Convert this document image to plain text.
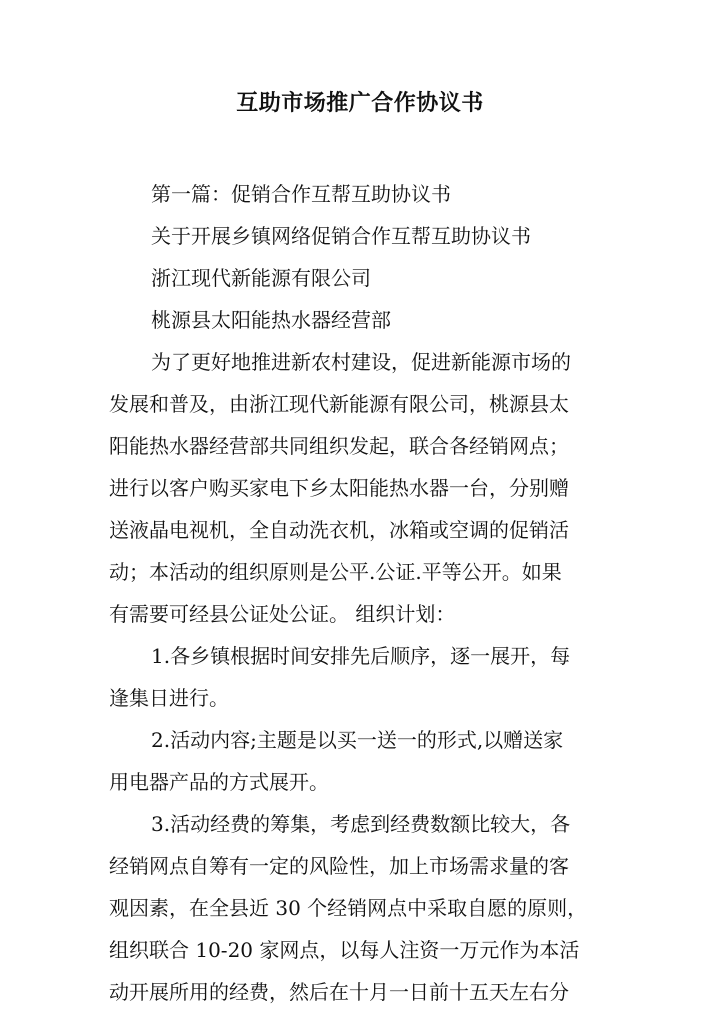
互助市场推广合作协议书
第一篇：促销合作互帮互助协议书
关于开展乡镇网络促销合作互帮互助协议书
浙江现代新能源有限公司
桃源县太阳能热水器经营部
为了更好地推进新农村建设，促进新能源市场的
发展和普及，由浙江现代新能源有限公司，桃源县太
阳能热水器经营部共同组织发起，联合各经销网点；
进行以客户购买家电下乡太阳能热水器一台，分别赠
送液晶电视机，全自动洗衣机，冰箱或空调的促销活
动；本活动的组织原则是公平.公证.平等公开。如果
有需要可经县公证处公证。 组织计划：
1.各乡镇根据时间安排先后顺序，逐一展开，每
逢集日进行。
2.活动内容;主题是以买一送一的形式,以赠送家
用电器产品的方式展开。
3.活动经费的筹集，考虑到经费数额比较大，各
经销网点自筹有一定的风险性，加上市场需求量的客
观因素，在全县近 30 个经销网点中采取自愿的原则，
组织联合 10-20 家网点，以每人注资一万元作为本活
动开展所用的经费，然后在十月一日前十五天左右分
